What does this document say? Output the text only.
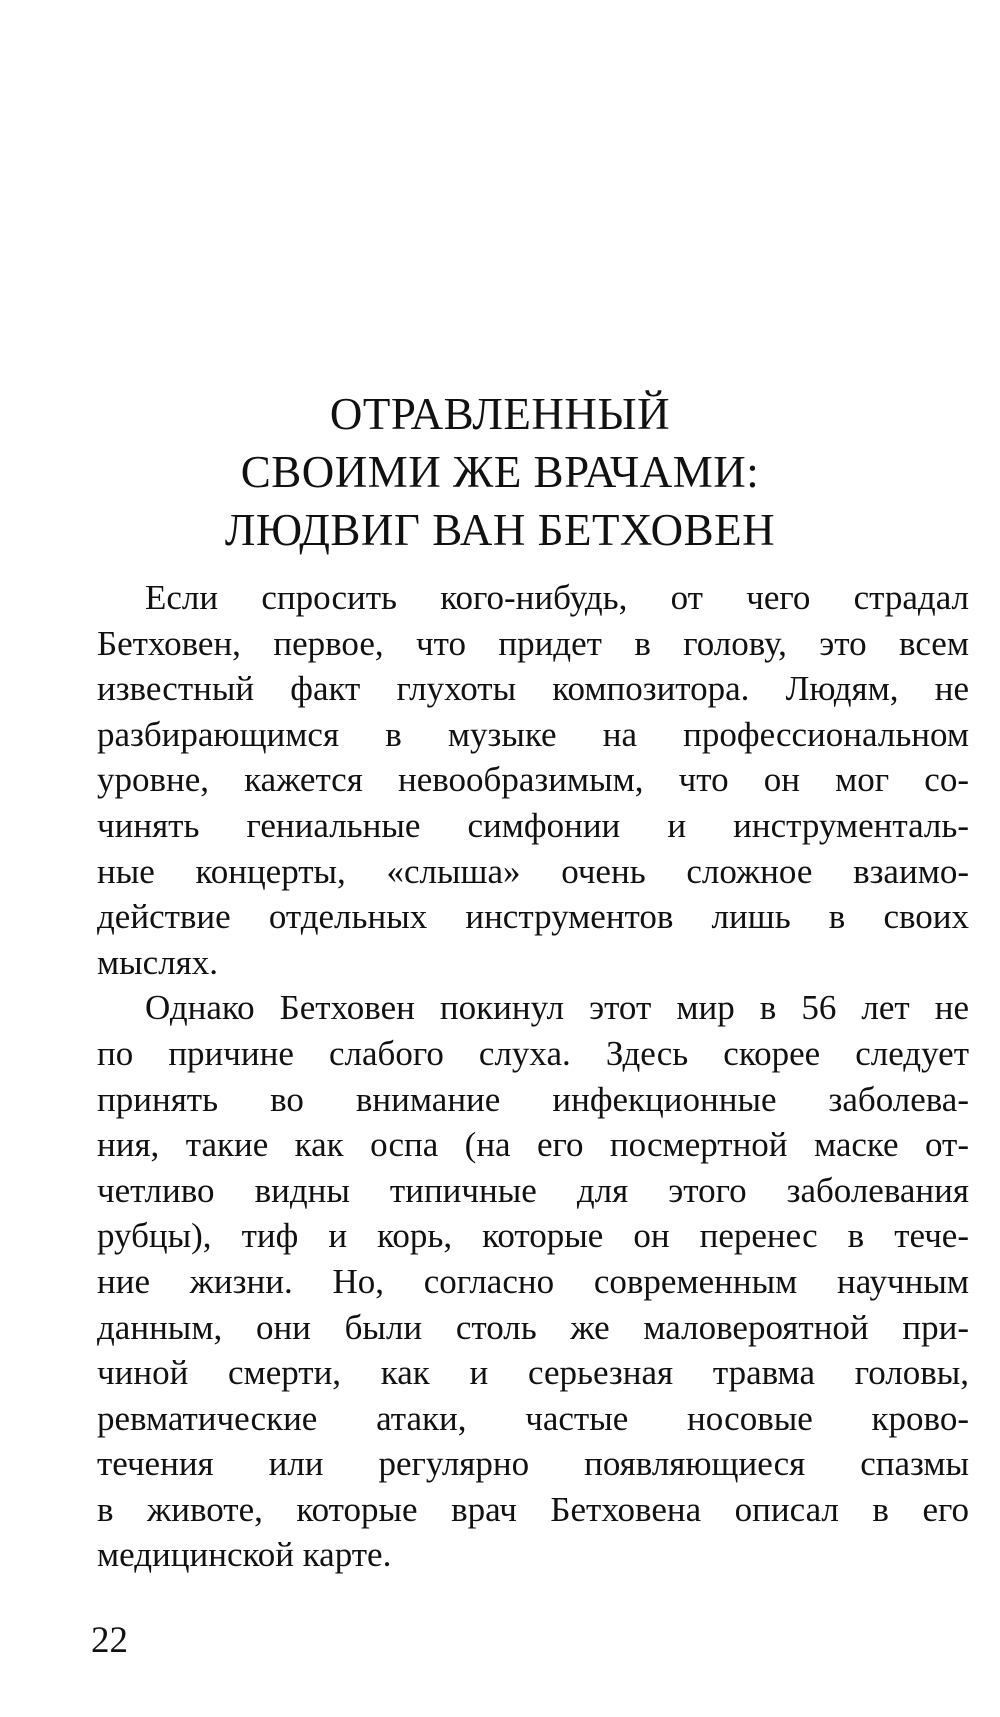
ОТРАВЛЕННЫЙ
СВОИМИ ЖЕ ВРАЧАМИ:
ЛЮДВИГ ВАН БЕТХОВЕН
Если спросить кого-нибудь, от чего страдал
Бетховен, первое, что придет в голову, это всем
известный факт глухоты композитора. Людям, не
разбирающимся в музыке на профессиональном
уровне, кажется невообразимым, что он мог со-
чинять гениальные симфонии и инструменталь-
ные концерты, «слыша» очень сложное взаимо-
действие отдельных инструментов лишь в своих
мыслях.
Однако Бетховен покинул этот мир в 56 лет не
по причине слабого слуха. Здесь скорее следует
принять во внимание инфекционные заболева-
ния, такие как оспа (на его посмертной маске от-
четливо видны типичные для этого заболевания
рубцы), тиф и корь, которые он перенес в тече-
ние жизни. Но, согласно современным научным
данным, они были столь же маловероятной при-
чиной смерти, как и серьезная травма головы,
ревматические атаки, частые носовые крово-
течения или регулярно появляющиеся спазмы
в животе, которые врач Бетховена описал в его
медицинской карте.
22
